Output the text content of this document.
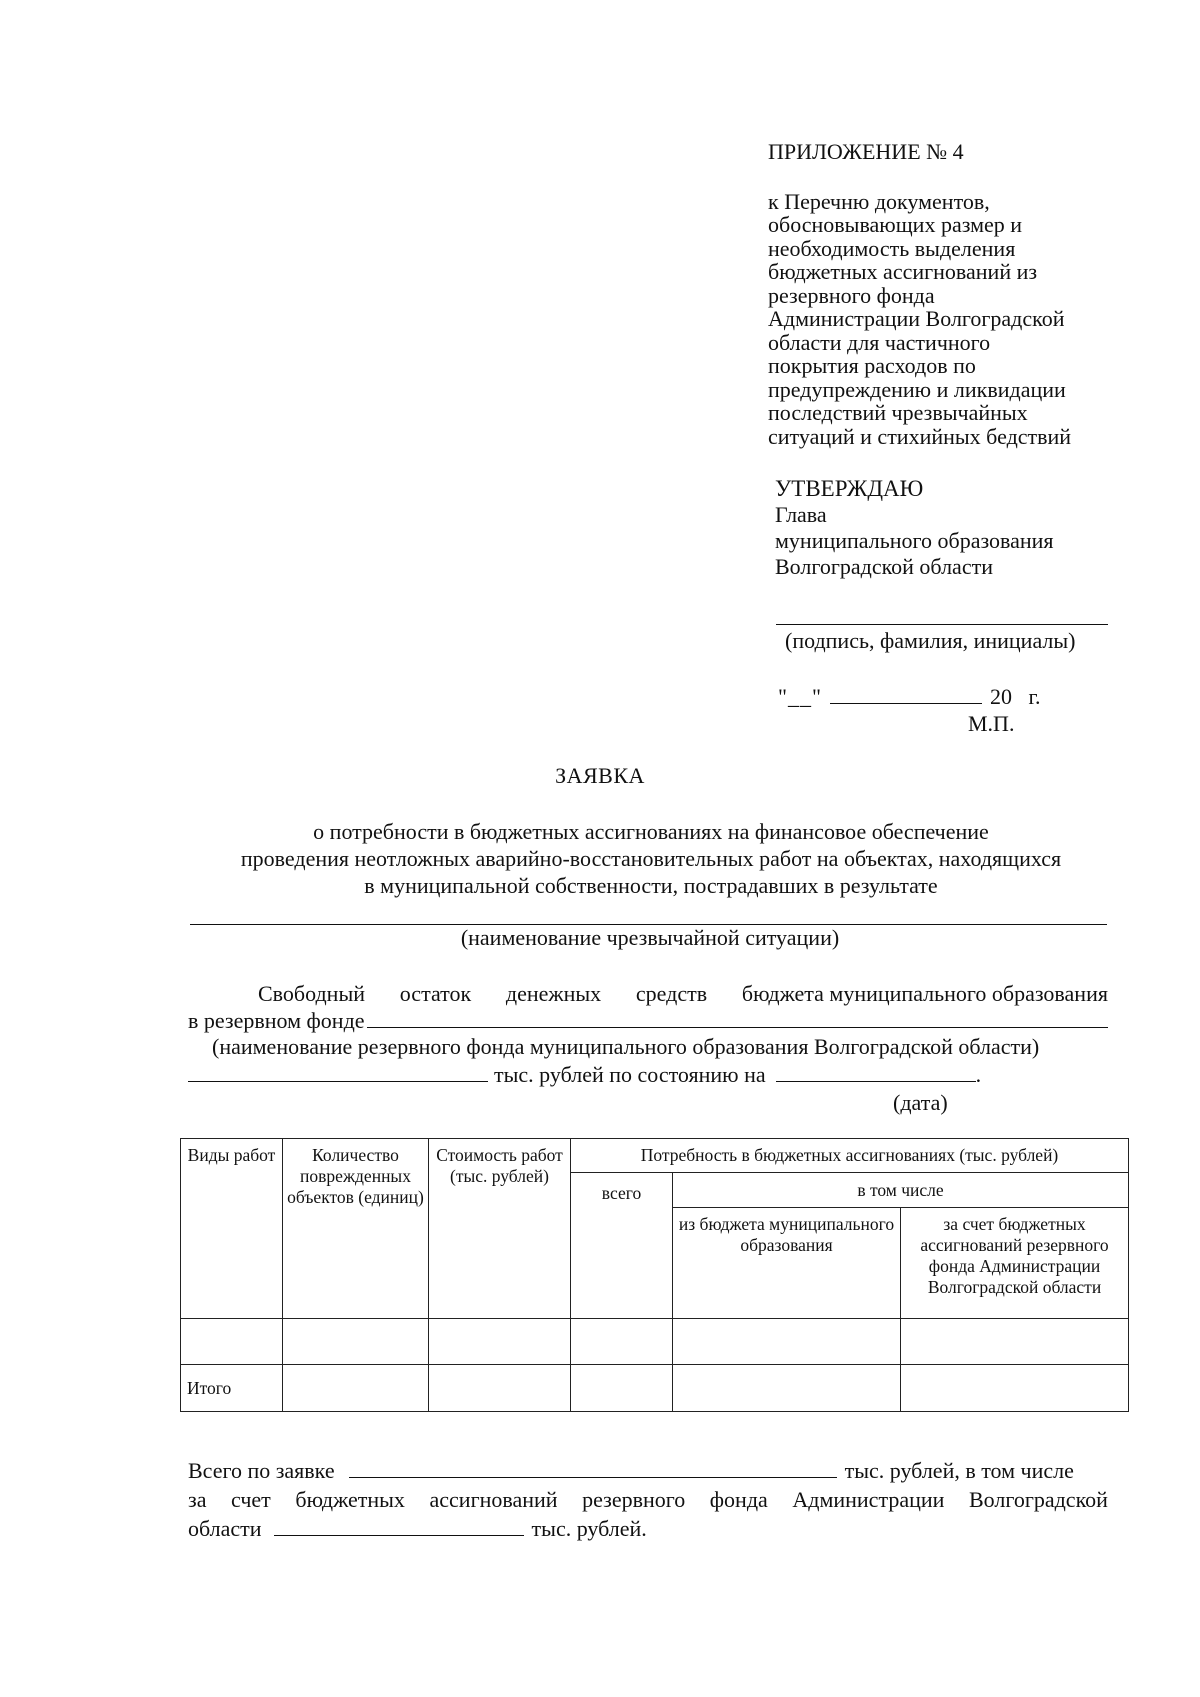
ПРИЛОЖЕНИЕ № 4
к Перечню документов,
обосновывающих размер и
необходимость выделения
бюджетных ассигнований из
резервного фонда
Администрации Волгоградской
области для частичного
покрытия расходов по
предупреждению и ликвидации
последствий чрезвычайных
ситуаций и стихийных бедствий
УТВЕРЖДАЮ
Глава
муниципального образования
Волгоградской области
(подпись, фамилия, инициалы)
"__"	20   г.
М.П.
ЗАЯВКА
о потребности в бюджетных ассигнованиях на финансовое обеспечение
проведения неотложных аварийно-восстановительных работ на объектах, находящихся
в муниципальной собственности, пострадавших в результате
(наименование чрезвычайной ситуации)
Свободный остаток денежных средств бюджета муниципального образования
в резервном фонде
(наименование резервного фонда муниципального образования Волгоградской области)
тыс. рублей по состоянию на	.
(дата)
Виды работ	Количество поврежденных объектов (единиц)	Стоимость работ (тыс. рублей)	Потребность в бюджетных ассигнованиях (тыс. рублей)		
			всего	в том числе	
				из бюджета муниципального образования	за счет бюджетных ассигнований резервного фонда Администрации Волгоградской области

Итого					
Всего по заявке	тыс. рублей, в том числе
за счет бюджетных ассигнований резервного фонда Администрации Волгоградской
области	тыс. рублей.
